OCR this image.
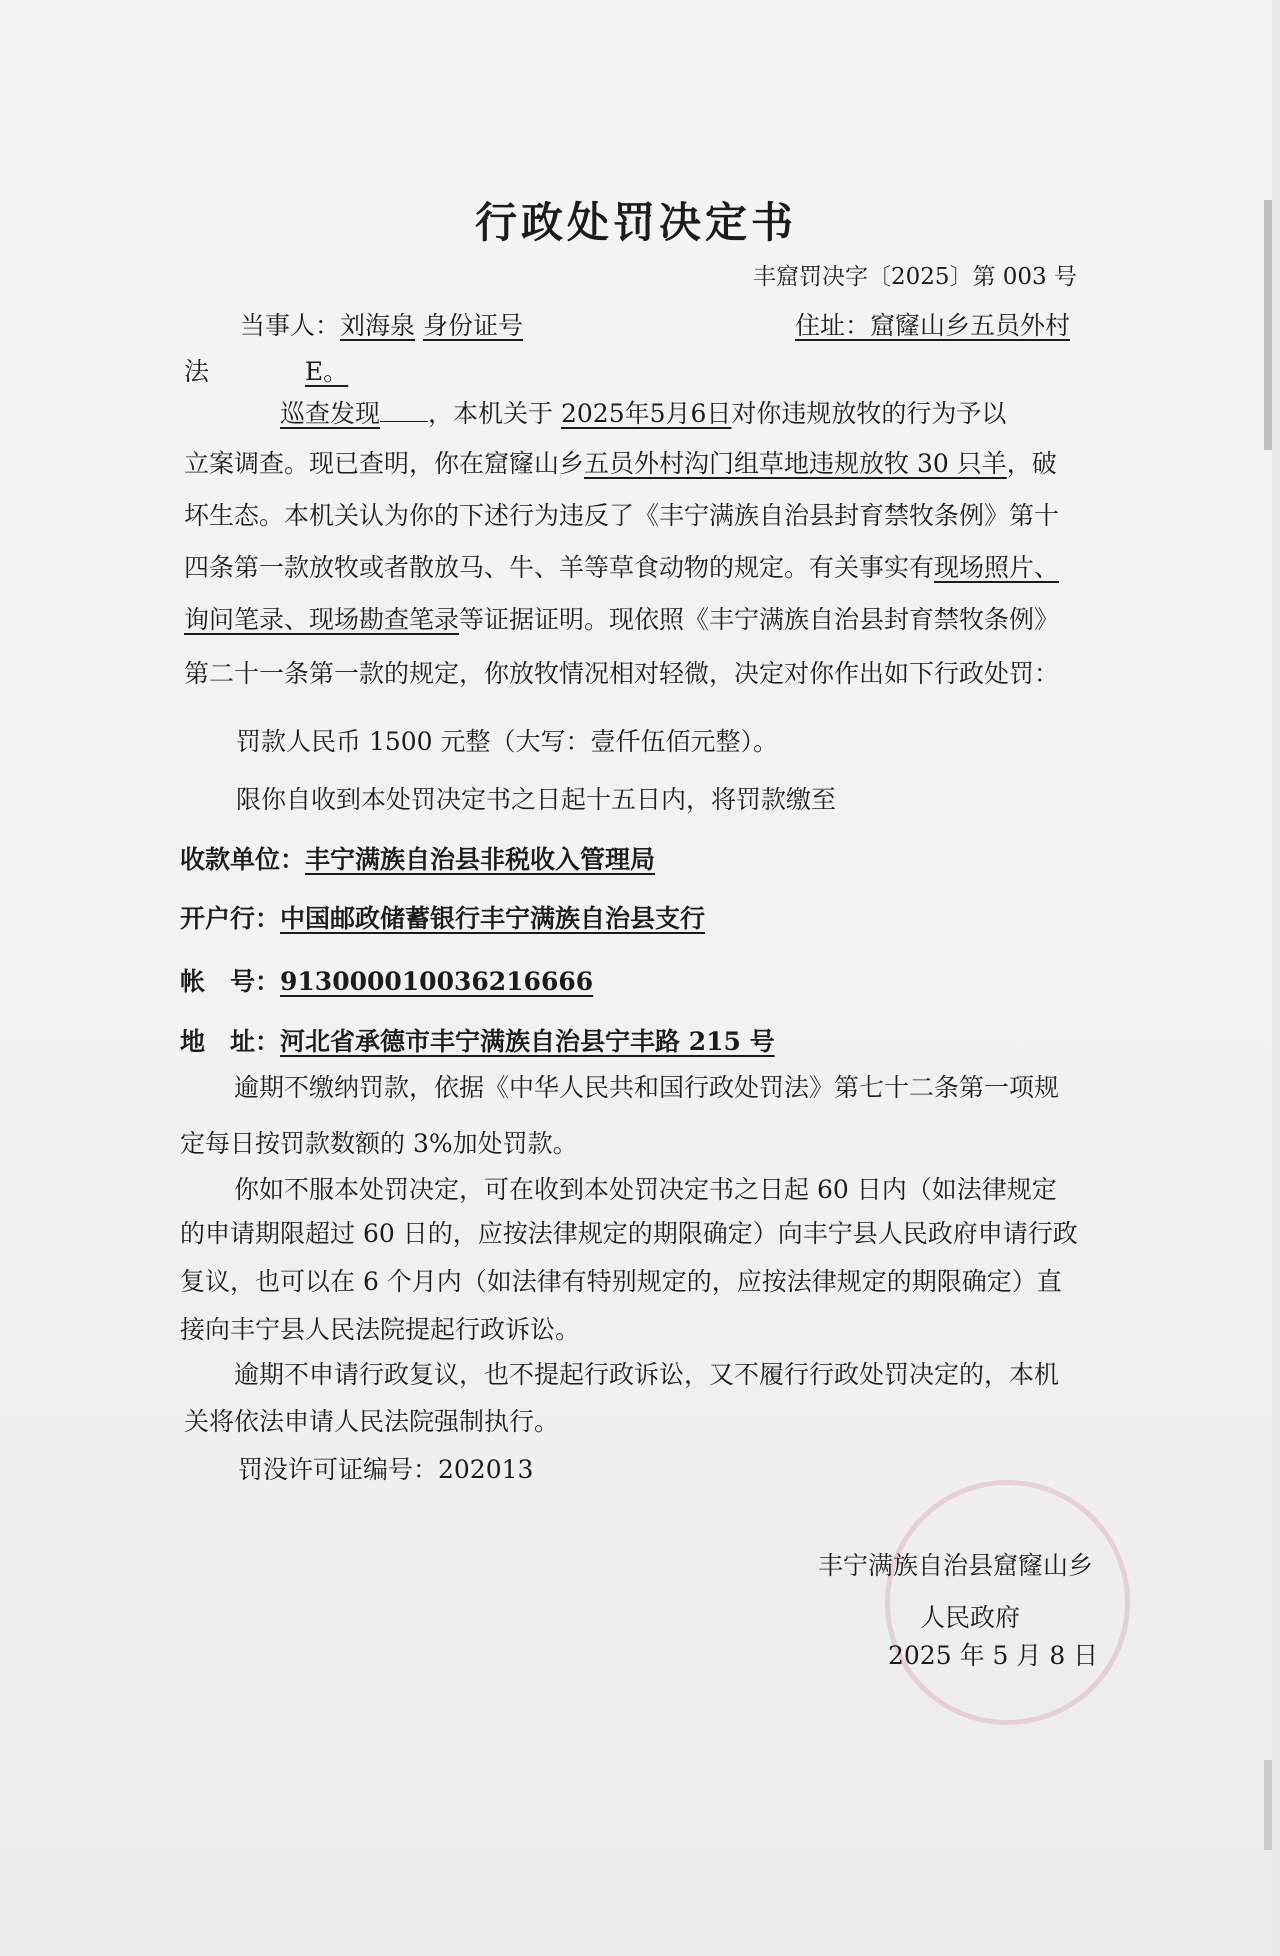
行政处罚决定书
丰窟罚决字〔2025〕第 003 号
当事人：刘海泉 身份证号	住址：窟窿山乡五员外村
法	E。
巡查发现 ，本机关于 2025年5月6日对你违规放牧的行为予以
立案调查。现已查明，你在窟窿山乡五员外村沟门组草地违规放牧 30 只羊，破
坏生态。本机关认为你的下述行为违反了《丰宁满族自治县封育禁牧条例》第十
四条第一款放牧或者散放马、牛、羊等草食动物的规定。有关事实有现场照片、
询问笔录、现场勘查笔录等证据证明。现依照《丰宁满族自治县封育禁牧条例》
第二十一条第一款的规定，你放牧情况相对轻微，决定对你作出如下行政处罚：
罚款人民币 1500 元整（大写：壹仟伍佰元整）。
限你自收到本处罚决定书之日起十五日内，将罚款缴至
收款单位：丰宁满族自治县非税收入管理局
开户行：中国邮政储蓄银行丰宁满族自治县支行
帐　号：913000010036216666
地　址：河北省承德市丰宁满族自治县宁丰路 215 号
逾期不缴纳罚款，依据《中华人民共和国行政处罚法》第七十二条第一项规
定每日按罚款数额的 3%加处罚款。
你如不服本处罚决定，可在收到本处罚决定书之日起 60 日内（如法律规定
的申请期限超过 60 日的，应按法律规定的期限确定）向丰宁县人民政府申请行政
复议，也可以在 6 个月内（如法律有特别规定的，应按法律规定的期限确定）直
接向丰宁县人民法院提起行政诉讼。
逾期不申请行政复议，也不提起行政诉讼，又不履行行政处罚决定的，本机
关将依法申请人民法院强制执行。
罚没许可证编号：202013
丰宁满族自治县窟窿山乡
人民政府
2025 年 5 月 8 日
